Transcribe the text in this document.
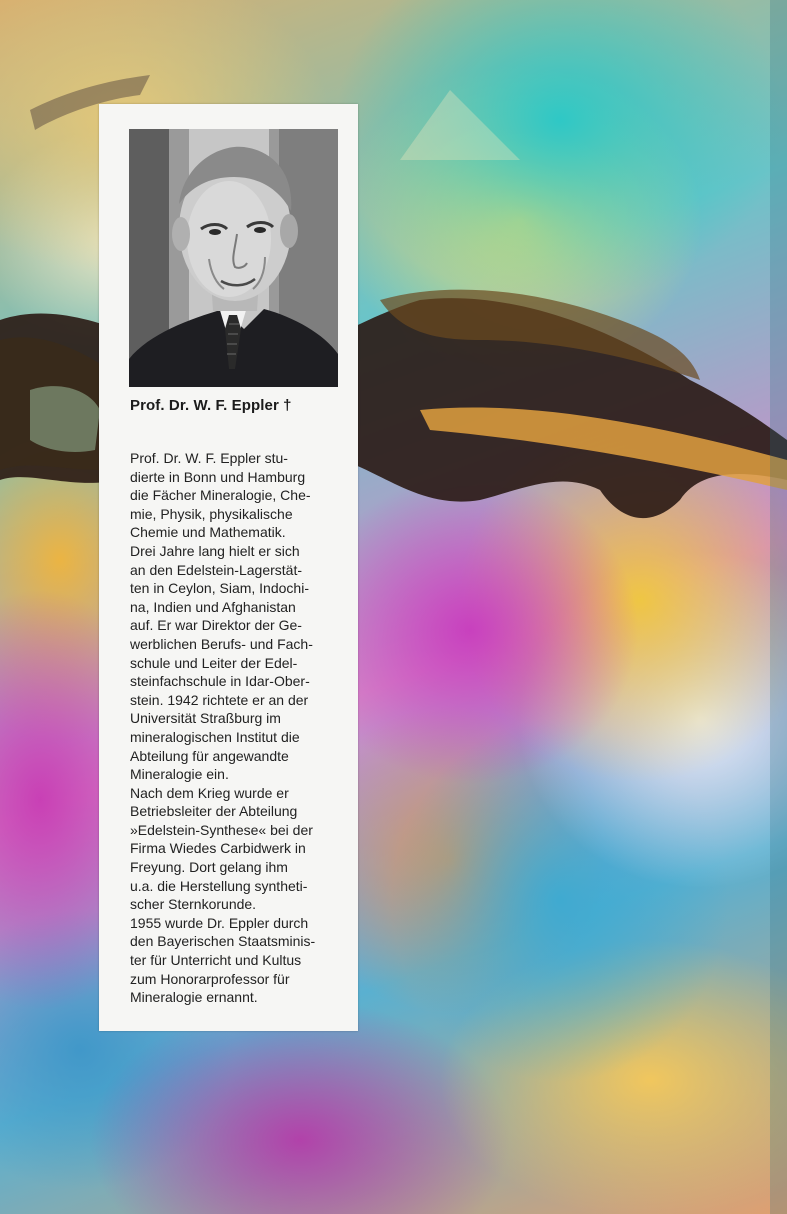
Prof. Dr. W. F. Eppler †

Prof. Dr. W. F. Eppler stu-
dierte in Bonn und Hamburg
die Fächer Mineralogie, Che-
mie, Physik, physikalische
Chemie und Mathematik.
Drei Jahre lang hielt er sich
an den Edelstein-Lagerstät-
ten in Ceylon, Siam, Indochi-
na, Indien und Afghanistan
auf. Er war Direktor der Ge-
werblichen Berufs- und Fach-
schule und Leiter der Edel-
steinfachschule in Idar-Ober-
stein. 1942 richtete er an der
Universität Straßburg im
mineralogischen Institut die
Abteilung für angewandte
Mineralogie ein.
Nach dem Krieg wurde er
Betriebsleiter der Abteilung
»Edelstein-Synthese« bei der
Firma Wiedes Carbidwerk in
Freyung. Dort gelang ihm
u.a. die Herstellung syntheti-
scher Sternkorunde.
1955 wurde Dr. Eppler durch
den Bayerischen Staatsminis-
ter für Unterricht und Kultus
zum Honorarprofessor für
Mineralogie ernannt.
